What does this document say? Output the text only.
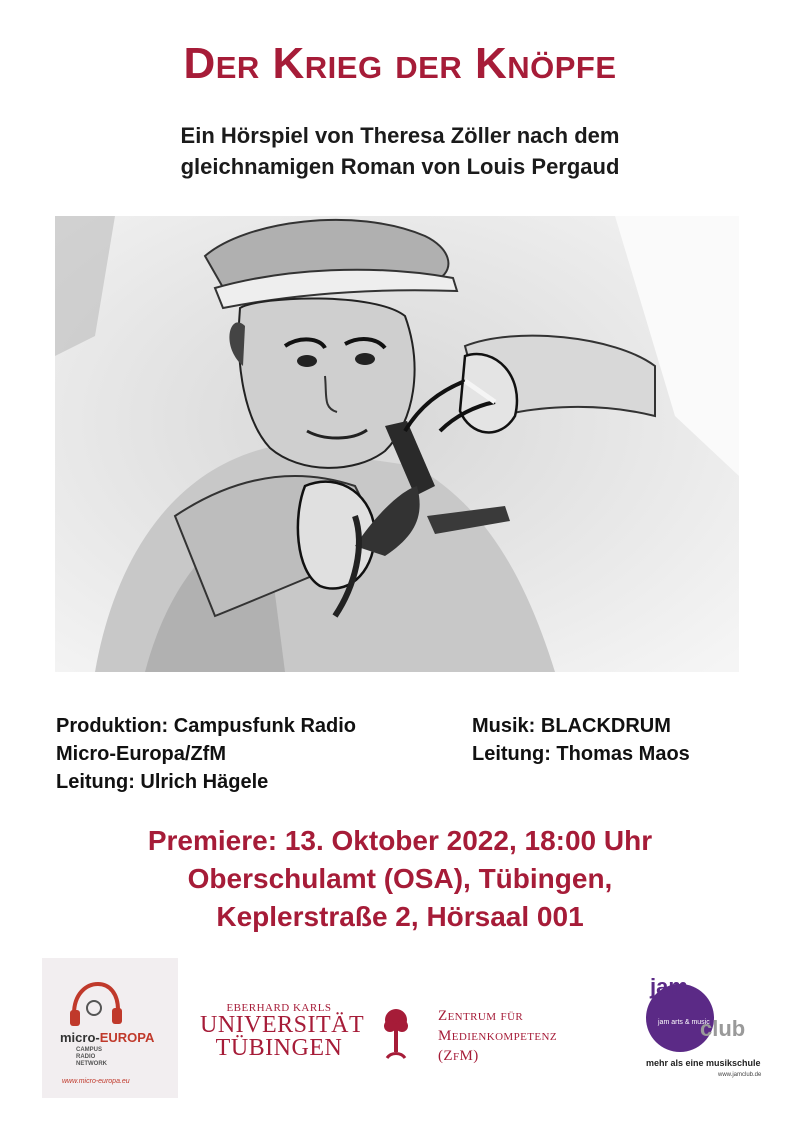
Der Krieg der Knöpfe
Ein Hörspiel von Theresa Zöller nach dem
gleichnamigen Roman von Louis Pergaud
Produktion: Campusfunk Radio
Micro-Europa/ZfM
Leitung: Ulrich Hägele
Musik: BLACKDRUM
Leitung: Thomas Maos
Premiere: 13. Oktober 2022, 18:00 Uhr
Oberschulamt (OSA), Tübingen,
Keplerstraße 2, Hörsaal 001
micro-EUROPA
CAMPUS
RADIO
NETWORK
www.micro-europa.eu
EBERHARD KARLS
UNIVERSITÄT
TÜBINGEN
Zentrum für
Medienkompetenz
(ZfM)
jam
jam arts & music
club
mehr als eine musikschule
www.jamclub.de
